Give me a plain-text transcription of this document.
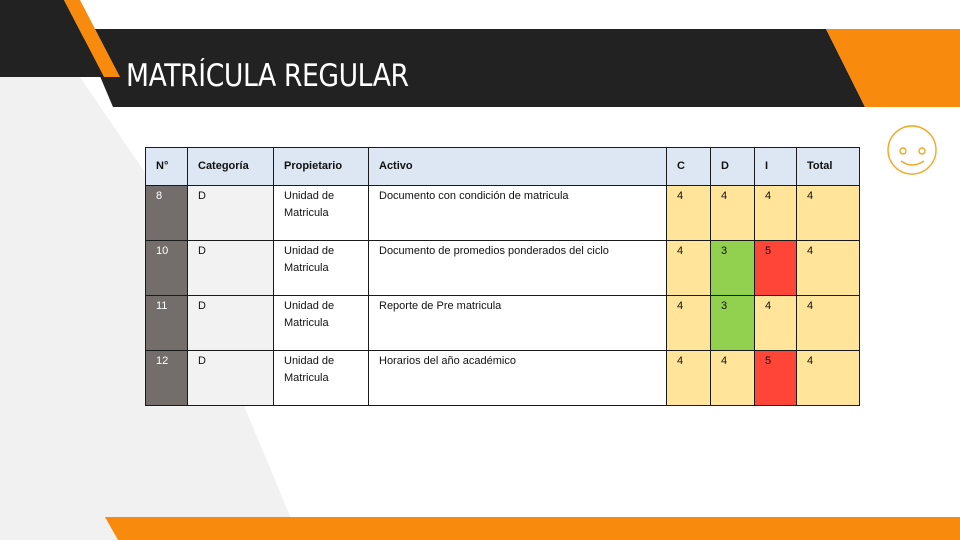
MATRÍCULA REGULAR
N°	Categoría	Propietario	Activo	C	D	I	Total
8	D	Unidad de Matricula	Documento con condición de matricula	4	4	4	4
10	D	Unidad de Matricula	Documento de promedios ponderados del ciclo	4	3	5	4
11	D	Unidad de Matricula	Reporte de Pre matricula	4	3	4	4
12	D	Unidad de Matricula	Horarios del año académico	4	4	5	4
